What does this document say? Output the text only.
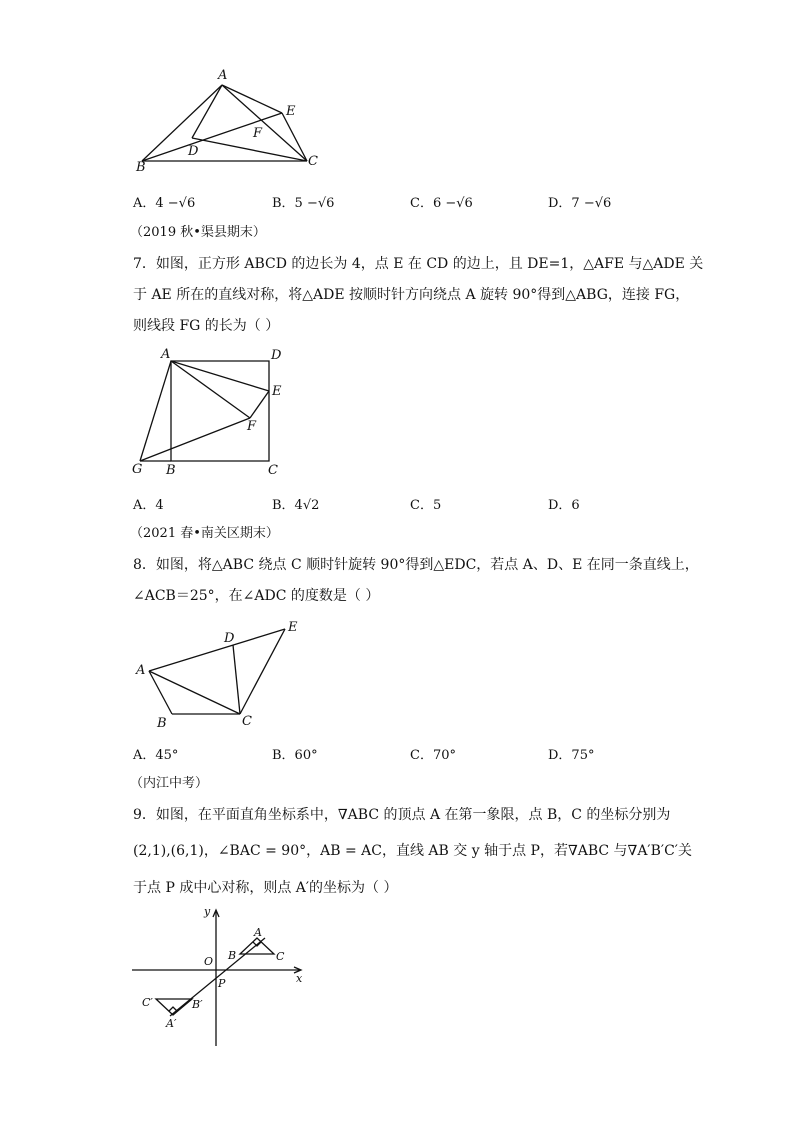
A
E
F
D
B	C
A．4 −√6	B．5 −√6	C．6 −√6	D．7 −√6
（2019 秋•渠县期末）
7．如图，正方形 ABCD 的边长为 4，点 E 在 CD 的边上，且 DE=1，△AFE 与△ADE 关
于 AE 所在的直线对称，将△ADE 按顺时针方向绕点 A 旋转 90°得到△ABG，连接 FG，
则线段 FG 的长为（ ）
A	D
E
F
G B	C
A．4	B．4√2	C．5	D．6
（2021 春•南关区期末）
8．如图，将△ABC 绕点 C 顺时针旋转 90°得到△EDC，若点 A、D、E 在同一条直线上，
∠ACB＝25°，在∠ADC 的度数是（ ）
D
E
A
B	C
A．45°	B．60°	C．70°	D．75°
（内江中考）
9．如图，在平面直角坐标系中，∇ABC 的顶点 A 在第一象限，点 B，C 的坐标分别为
(2,1),(6,1)，∠BAC = 90°，AB = AC，直线 AB 交 y 轴于点 P，若∇ABC 与∇A′B′C′关
于点 P 成中心对称，则点 A′的坐标为（ ）
y
A
O B	C
x
P
C′	B′
A′
